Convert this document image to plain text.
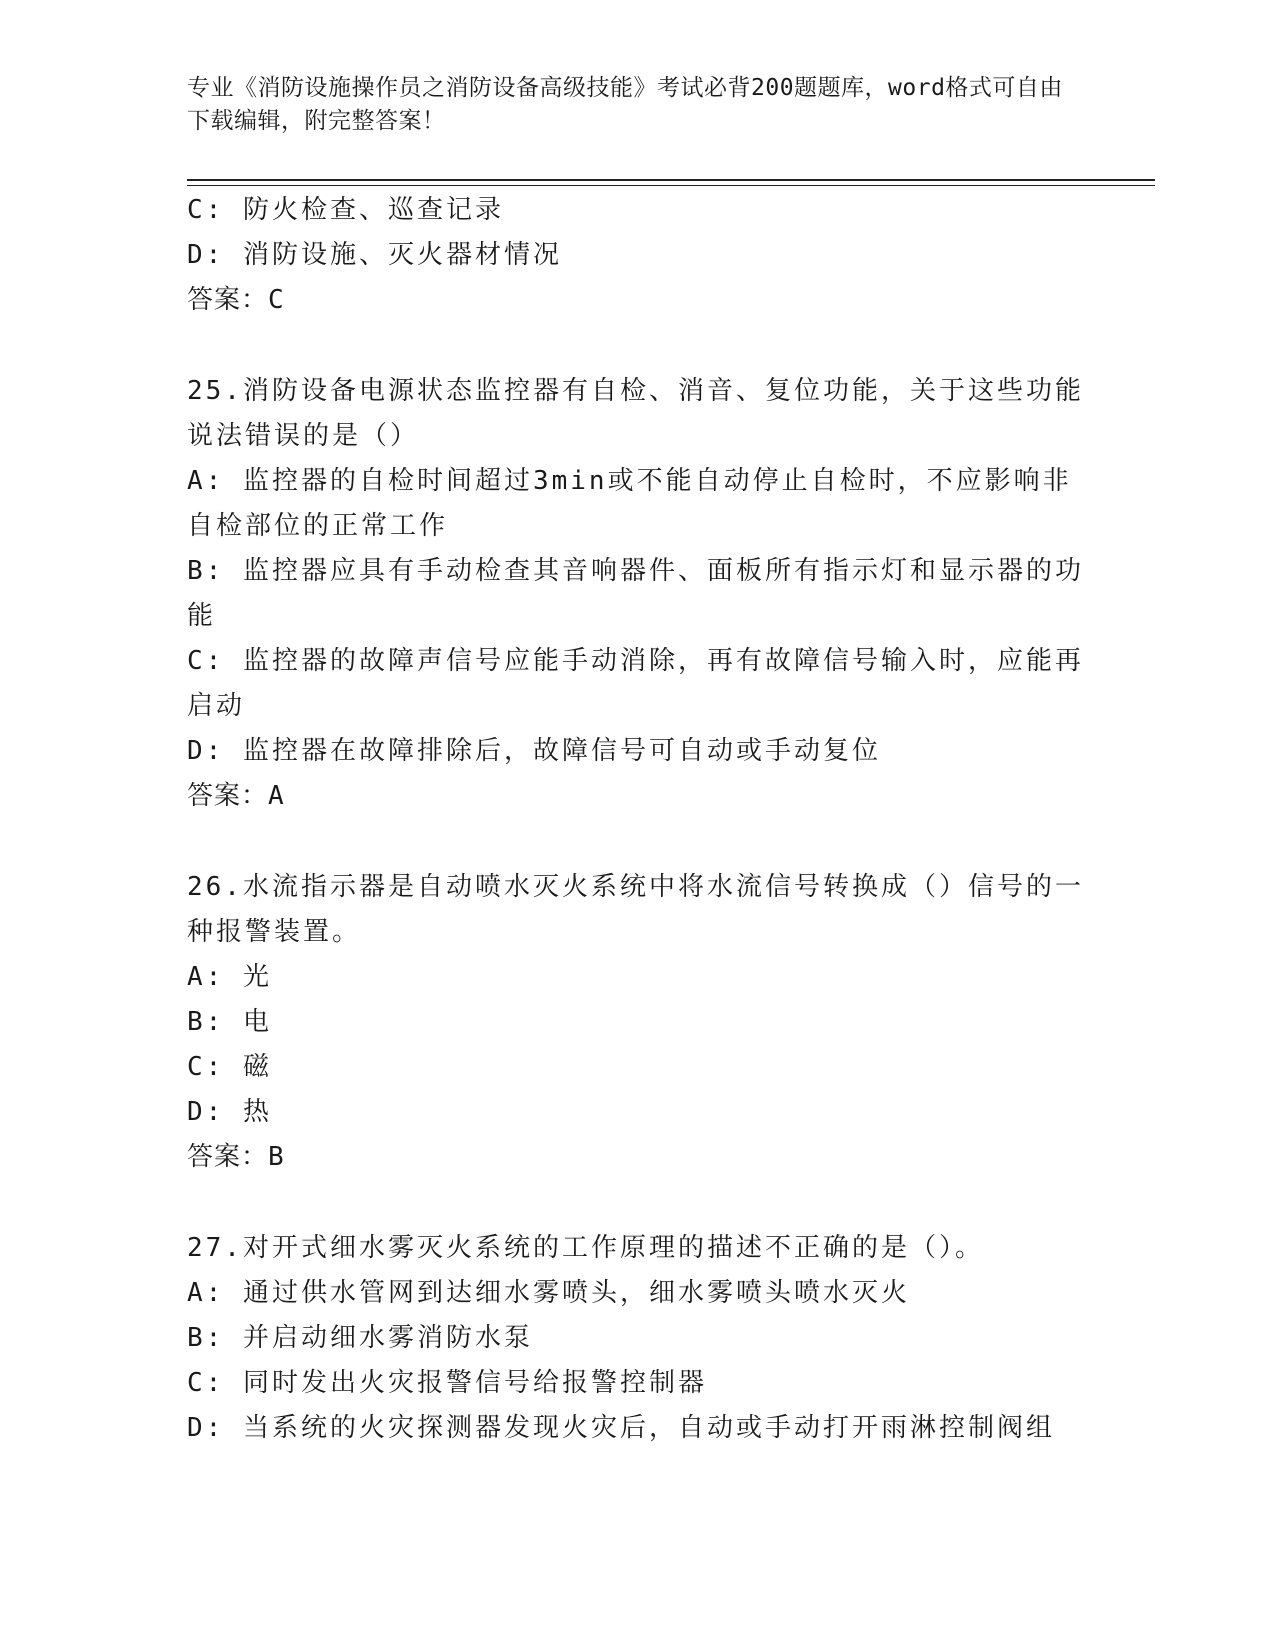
专业《消防设施操作员之消防设备高级技能》考试必背200题题库，word格式可自由下载编辑，附完整答案！
C: 防火检查、巡查记录
D: 消防设施、灭火器材情况
答案：C
25.消防设备电源状态监控器有自检、消音、复位功能，关于这些功能
说法错误的是（）
A: 监控器的自检时间超过3min或不能自动停止自检时，不应影响非
自检部位的正常工作
B: 监控器应具有手动检查其音响器件、面板所有指示灯和显示器的功
能
C: 监控器的故障声信号应能手动消除，再有故障信号输入时，应能再
启动
D: 监控器在故障排除后，故障信号可自动或手动复位
答案：A
26.水流指示器是自动喷水灭火系统中将水流信号转换成（）信号的一
种报警装置。
A: 光
B: 电
C: 磁
D: 热
答案：B
27.对开式细水雾灭火系统的工作原理的描述不正确的是（）。
A: 通过供水管网到达细水雾喷头，细水雾喷头喷水灭火
B: 并启动细水雾消防水泵
C: 同时发出火灾报警信号给报警控制器
D: 当系统的火灾探测器发现火灾后，自动或手动打开雨淋控制阀组
